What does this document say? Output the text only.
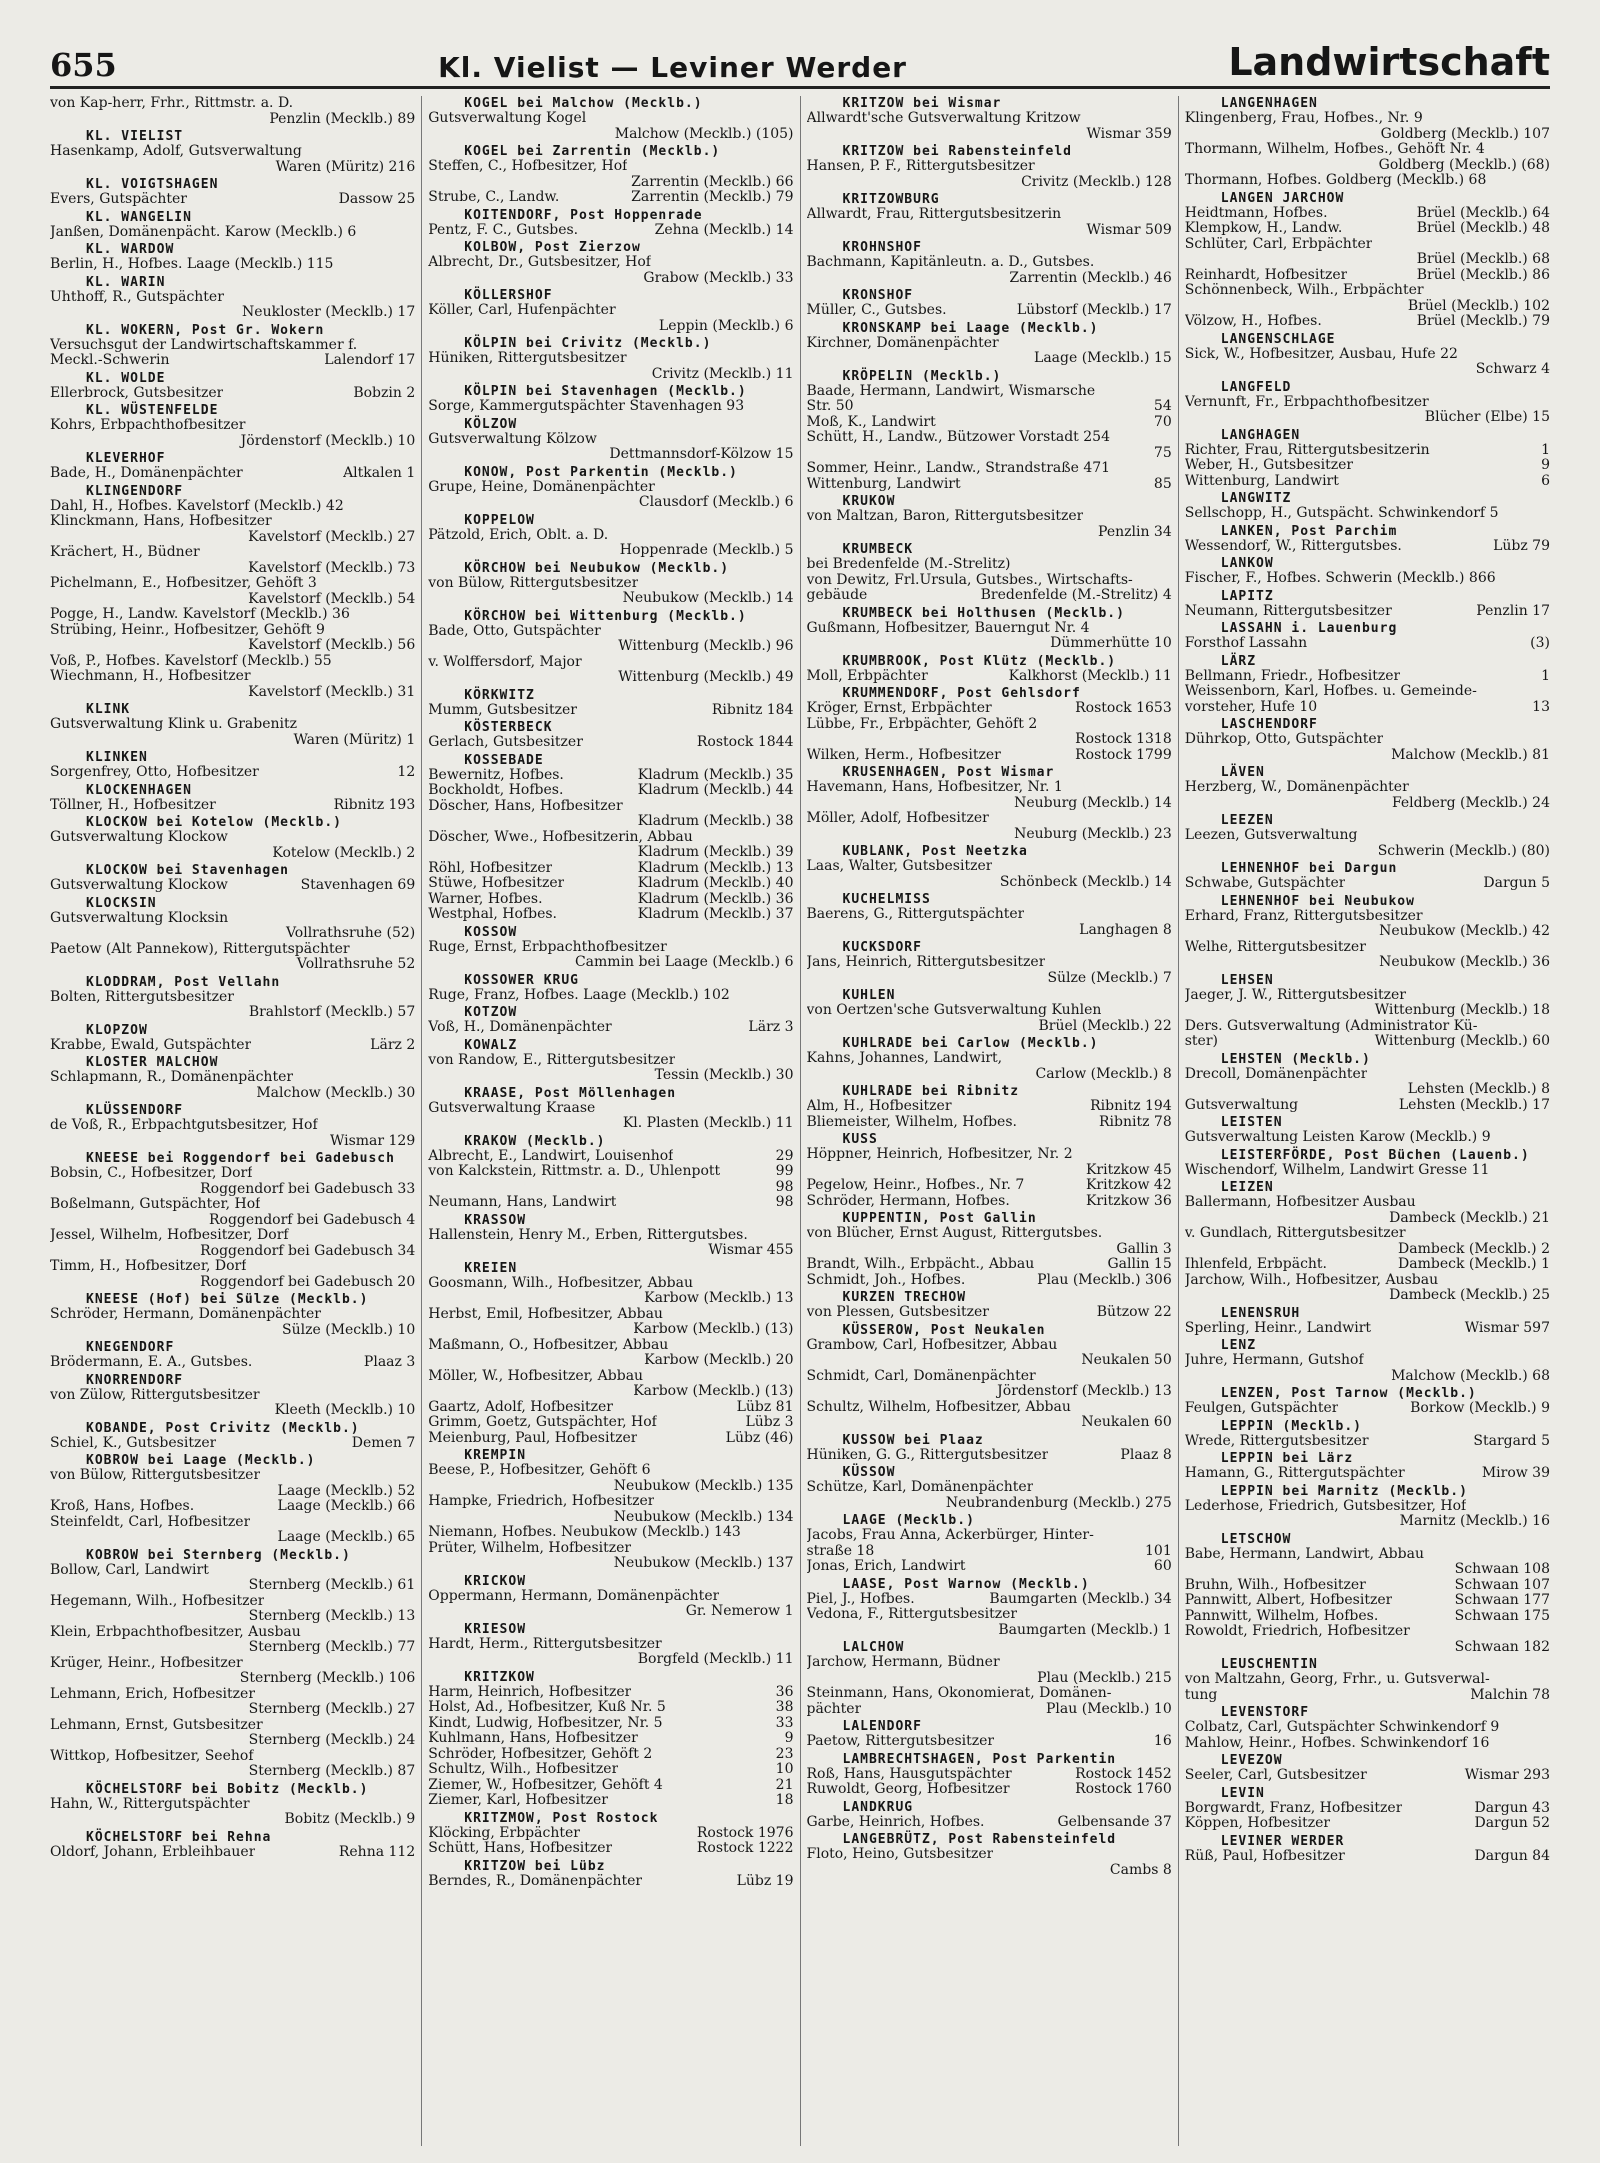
655	Kl. Vielist — Leviner Werder	Landwirtschaft
von Kap-herr, Frhr., Rittmstr. a. D.
Penzlin (Mecklb.) 89
KL. VIELIST
Hasenkamp, Adolf, Gutsverwaltung
Waren (Müritz) 216
KL. VOIGTSHAGEN
Evers, Gutspächter	Dassow 25
KL. WANGELIN
Janßen, Domänenpächt. Karow (Mecklb.) 6
KL. WARDOW
Berlin, H., Hofbes. Laage (Mecklb.) 115
KL. WARIN
Uhthoff, R., Gutspächter
Neukloster (Mecklb.) 17
KL. WOKERN, Post Gr. Wokern
Versuchsgut der Landwirtschaftskammer f.
Meckl.-Schwerin	Lalendorf 17
KL. WOLDE
Ellerbrock, Gutsbesitzer	Bobzin 2
KL. WÜSTENFELDE
Kohrs, Erbpachthofbesitzer
Jördenstorf (Mecklb.) 10
KLEVERHOF
Bade, H., Domänenpächter	Altkalen 1
KLINGENDORF
Dahl, H., Hofbes. Kavelstorf (Mecklb.) 42
Klinckmann, Hans, Hofbesitzer
Kavelstorf (Mecklb.) 27
Krächert, H., Büdner
Kavelstorf (Mecklb.) 73
Pichelmann, E., Hofbesitzer, Gehöft 3
Kavelstorf (Mecklb.) 54
Pogge, H., Landw. Kavelstorf (Mecklb.) 36
Strübing, Heinr., Hofbesitzer, Gehöft 9
Kavelstorf (Mecklb.) 56
Voß, P., Hofbes. Kavelstorf (Mecklb.) 55
Wiechmann, H., Hofbesitzer
Kavelstorf (Mecklb.) 31
KLINK
Gutsverwaltung Klink u. Grabenitz
Waren (Müritz) 1
KLINKEN
Sorgenfrey, Otto, Hofbesitzer	12
KLOCKENHAGEN
Töllner, H., Hofbesitzer	Ribnitz 193
KLOCKOW bei Kotelow (Mecklb.)
Gutsverwaltung Klockow
Kotelow (Mecklb.) 2
KLOCKOW bei Stavenhagen
Gutsverwaltung Klockow	Stavenhagen 69
KLOCKSIN
Gutsverwaltung Klocksin
Vollrathsruhe (52)
Paetow (Alt Pannekow), Rittergutspächter
Vollrathsruhe 52
KLODDRAM, Post Vellahn
Bolten, Rittergutsbesitzer
Brahlstorf (Mecklb.) 57
KLOPZOW
Krabbe, Ewald, Gutspächter	Lärz 2
KLOSTER MALCHOW
Schlapmann, R., Domänenpächter
Malchow (Mecklb.) 30
KLÜSSENDORF
de Voß, R., Erbpachtgutsbesitzer, Hof
Wismar 129
KNEESE bei Roggendorf bei Gadebusch
Bobsin, C., Hofbesitzer, Dorf
Roggendorf bei Gadebusch 33
Boßelmann, Gutspächter, Hof
Roggendorf bei Gadebusch 4
Jessel, Wilhelm, Hofbesitzer, Dorf
Roggendorf bei Gadebusch 34
Timm, H., Hofbesitzer, Dorf
Roggendorf bei Gadebusch 20
KNEESE (Hof) bei Sülze (Mecklb.)
Schröder, Hermann, Domänenpächter
Sülze (Mecklb.) 10
KNEGENDORF
Brödermann, E. A., Gutsbes.	Plaaz 3
KNORRENDORF
von Zülow, Rittergutsbesitzer
Kleeth (Mecklb.) 10
KOBANDE, Post Crivitz (Mecklb.)
Schiel, K., Gutsbesitzer	Demen 7
KOBROW bei Laage (Mecklb.)
von Bülow, Rittergutsbesitzer
Laage (Mecklb.) 52
Kroß, Hans, Hofbes.	Laage (Mecklb.) 66
Steinfeldt, Carl, Hofbesitzer
Laage (Mecklb.) 65
KOBROW bei Sternberg (Mecklb.)
Bollow, Carl, Landwirt
Sternberg (Mecklb.) 61
Hegemann, Wilh., Hofbesitzer
Sternberg (Mecklb.) 13
Klein, Erbpachthofbesitzer, Ausbau
Sternberg (Mecklb.) 77
Krüger, Heinr., Hofbesitzer
Sternberg (Mecklb.) 106
Lehmann, Erich, Hofbesitzer
Sternberg (Mecklb.) 27
Lehmann, Ernst, Gutsbesitzer
Sternberg (Mecklb.) 24
Wittkop, Hofbesitzer, Seehof
Sternberg (Mecklb.) 87
KÖCHELSTORF bei Bobitz (Mecklb.)
Hahn, W., Rittergutspächter
Bobitz (Mecklb.) 9
KÖCHELSTORF bei Rehna
Oldorf, Johann, Erbleihbauer	Rehna 112
KOGEL bei Malchow (Mecklb.)
Gutsverwaltung Kogel
Malchow (Mecklb.) (105)
KOGEL bei Zarrentin (Mecklb.)
Steffen, C., Hofbesitzer, Hof
Zarrentin (Mecklb.) 66
Strube, C., Landw.	Zarrentin (Mecklb.) 79
KOITENDORF, Post Hoppenrade
Pentz, F. C., Gutsbes.	Zehna (Mecklb.) 14
KOLBOW, Post Zierzow
Albrecht, Dr., Gutsbesitzer, Hof
Grabow (Mecklb.) 33
KÖLLERSHOF
Köller, Carl, Hufenpächter
Leppin (Mecklb.) 6
KÖLPIN bei Crivitz (Mecklb.)
Hüniken, Rittergutsbesitzer
Crivitz (Mecklb.) 11
KÖLPIN bei Stavenhagen (Mecklb.)
Sorge, Kammergutspächter Stavenhagen 93
KÖLZOW
Gutsverwaltung Kölzow
Dettmannsdorf-Kölzow 15
KONOW, Post Parkentin (Mecklb.)
Grupe, Heine, Domänenpächter
Clausdorf (Mecklb.) 6
KOPPELOW
Pätzold, Erich, Oblt. a. D.
Hoppenrade (Mecklb.) 5
KÖRCHOW bei Neubukow (Mecklb.)
von Bülow, Rittergutsbesitzer
Neubukow (Mecklb.) 14
KÖRCHOW bei Wittenburg (Mecklb.)
Bade, Otto, Gutspächter
Wittenburg (Mecklb.) 96
v. Wolffersdorf, Major
Wittenburg (Mecklb.) 49
KÖRKWITZ
Mumm, Gutsbesitzer	Ribnitz 184
KÖSTERBECK
Gerlach, Gutsbesitzer	Rostock 1844
KOSSEBADE
Bewernitz, Hofbes.	Kladrum (Mecklb.) 35
Bockholdt, Hofbes.	Kladrum (Mecklb.) 44
Döscher, Hans, Hofbesitzer
Kladrum (Mecklb.) 38
Döscher, Wwe., Hofbesitzerin, Abbau
Kladrum (Mecklb.) 39
Röhl, Hofbesitzer	Kladrum (Mecklb.) 13
Stüwe, Hofbesitzer	Kladrum (Mecklb.) 40
Warner, Hofbes.	Kladrum (Mecklb.) 36
Westphal, Hofbes.	Kladrum (Mecklb.) 37
KOSSOW
Ruge, Ernst, Erbpachthofbesitzer
Cammin bei Laage (Mecklb.) 6
KOSSOWER KRUG
Ruge, Franz, Hofbes. Laage (Mecklb.) 102
KOTZOW
Voß, H., Domänenpächter	Lärz 3
KOWALZ
von Randow, E., Rittergutsbesitzer
Tessin (Mecklb.) 30
KRAASE, Post Möllenhagen
Gutsverwaltung Kraase
Kl. Plasten (Mecklb.) 11
KRAKOW (Mecklb.)
Albrecht, E., Landwirt, Louisenhof	29
von Kalckstein, Rittmstr. a. D., Uhlenpott	99
98
Neumann, Hans, Landwirt	98
KRASSOW
Hallenstein, Henry M., Erben, Rittergutsbes.
Wismar 455
KREIEN
Goosmann, Wilh., Hofbesitzer, Abbau
Karbow (Mecklb.) 13
Herbst, Emil, Hofbesitzer, Abbau
Karbow (Mecklb.) (13)
Maßmann, O., Hofbesitzer, Abbau
Karbow (Mecklb.) 20
Möller, W., Hofbesitzer, Abbau
Karbow (Mecklb.) (13)
Gaartz, Adolf, Hofbesitzer	Lübz 81
Grimm, Goetz, Gutspächter, Hof	Lübz 3
Meienburg, Paul, Hofbesitzer	Lübz (46)
KREMPIN
Beese, P., Hofbesitzer, Gehöft 6
Neubukow (Mecklb.) 135
Hampke, Friedrich, Hofbesitzer
Neubukow (Mecklb.) 134
Niemann, Hofbes. Neubukow (Mecklb.) 143
Prüter, Wilhelm, Hofbesitzer
Neubukow (Mecklb.) 137
KRICKOW
Oppermann, Hermann, Domänenpächter
Gr. Nemerow 1
KRIESOW
Hardt, Herm., Rittergutsbesitzer
Borgfeld (Mecklb.) 11
KRITZKOW
Harm, Heinrich, Hofbesitzer	36
Holst, Ad., Hofbesitzer, Kuß Nr. 5	38
Kindt, Ludwig, Hofbesitzer, Nr. 5	33
Kuhlmann, Hans, Hofbesitzer	9
Schröder, Hofbesitzer, Gehöft 2	23
Schultz, Wilh., Hofbesitzer	10
Ziemer, W., Hofbesitzer, Gehöft 4	21
Ziemer, Karl, Hofbesitzer	18
KRITZMOW, Post Rostock
Klöcking, Erbpächter	Rostock 1976
Schütt, Hans, Hofbesitzer	Rostock 1222
KRITZOW bei Lübz
Berndes, R., Domänenpächter	Lübz 19
KRITZOW bei Wismar
Allwardt'sche Gutsverwaltung Kritzow
Wismar 359
KRITZOW bei Rabensteinfeld
Hansen, P. F., Rittergutsbesitzer
Crivitz (Mecklb.) 128
KRITZOWBURG
Allwardt, Frau, Rittergutsbesitzerin
Wismar 509
KROHNSHOF
Bachmann, Kapitänleutn. a. D., Gutsbes.
Zarrentin (Mecklb.) 46
KRONSHOF
Müller, C., Gutsbes.	Lübstorf (Mecklb.) 17
KRONSKAMP bei Laage (Mecklb.)
Kirchner, Domänenpächter
Laage (Mecklb.) 15
KRÖPELIN (Mecklb.)
Baade, Hermann, Landwirt, Wismarsche
Str. 50	54
Moß, K., Landwirt	70
Schütt, H., Landw., Bützower Vorstadt 254
75
Sommer, Heinr., Landw., Strandstraße 471
Wittenburg, Landwirt	85
KRUKOW
von Maltzan, Baron, Rittergutsbesitzer
Penzlin 34
KRUMBECK
bei Bredenfelde (M.-Strelitz)
von Dewitz, Frl.Ursula, Gutsbes., Wirtschafts-
gebäude	Bredenfelde (M.-Strelitz) 4
KRUMBECK bei Holthusen (Mecklb.)
Gußmann, Hofbesitzer, Bauerngut Nr. 4
Dümmerhütte 10
KRUMBROOK, Post Klütz (Mecklb.)
Moll, Erbpächter	Kalkhorst (Mecklb.) 11
KRUMMENDORF, Post Gehlsdorf
Kröger, Ernst, Erbpächter	Rostock 1653
Lübbe, Fr., Erbpächter, Gehöft 2
Rostock 1318
Wilken, Herm., Hofbesitzer	Rostock 1799
KRUSENHAGEN, Post Wismar
Havemann, Hans, Hofbesitzer, Nr. 1
Neuburg (Mecklb.) 14
Möller, Adolf, Hofbesitzer
Neuburg (Mecklb.) 23
KUBLANK, Post Neetzka
Laas, Walter, Gutsbesitzer
Schönbeck (Mecklb.) 14
KUCHELMISS
Baerens, G., Rittergutspächter
Langhagen 8
KUCKSDORF
Jans, Heinrich, Rittergutsbesitzer
Sülze (Mecklb.) 7
KUHLEN
von Oertzen'sche Gutsverwaltung Kuhlen
Brüel (Mecklb.) 22
KUHLRADE bei Carlow (Mecklb.)
Kahns, Johannes, Landwirt,
Carlow (Mecklb.) 8
KUHLRADE bei Ribnitz
Alm, H., Hofbesitzer	Ribnitz 194
Bliemeister, Wilhelm, Hofbes.	Ribnitz 78
KUSS
Höppner, Heinrich, Hofbesitzer, Nr. 2
Kritzkow 45
Pegelow, Heinr., Hofbes., Nr. 7	Kritzkow 42
Schröder, Hermann, Hofbes.	Kritzkow 36
KUPPENTIN, Post Gallin
von Blücher, Ernst August, Rittergutsbes.
Gallin 3
Brandt, Wilh., Erbpächt., Abbau	Gallin 15
Schmidt, Joh., Hofbes.	Plau (Mecklb.) 306
KURZEN TRECHOW
von Plessen, Gutsbesitzer	Bützow 22
KÜSSEROW, Post Neukalen
Grambow, Carl, Hofbesitzer, Abbau
Neukalen 50
Schmidt, Carl, Domänenpächter
Jördenstorf (Mecklb.) 13
Schultz, Wilhelm, Hofbesitzer, Abbau
Neukalen 60
KUSSOW bei Plaaz
Hüniken, G. G., Rittergutsbesitzer	Plaaz 8
KÜSSOW
Schütze, Karl, Domänenpächter
Neubrandenburg (Mecklb.) 275
LAAGE (Mecklb.)
Jacobs, Frau Anna, Ackerbürger, Hinter-
straße 18	101
Jonas, Erich, Landwirt	60
LAASE, Post Warnow (Mecklb.)
Piel, J., Hofbes.	Baumgarten (Mecklb.) 34
Vedona, F., Rittergutsbesitzer
Baumgarten (Mecklb.) 1
LALCHOW
Jarchow, Hermann, Büdner
Plau (Mecklb.) 215
Steinmann, Hans, Ökonomierat, Domänen-
pächter	Plau (Mecklb.) 10
LALENDORF
Paetow, Rittergutsbesitzer	16
LAMBRECHTSHAGEN, Post Parkentin
Roß, Hans, Hausgutspächter	Rostock 1452
Ruwoldt, Georg, Hofbesitzer	Rostock 1760
LANDKRUG
Garbe, Heinrich, Hofbes.	Gelbensande 37
LANGEBRÜTZ, Post Rabensteinfeld
Floto, Heino, Gutsbesitzer
Cambs 8
LANGENHAGEN
Klingenberg, Frau, Hofbes., Nr. 9
Goldberg (Mecklb.) 107
Thormann, Wilhelm, Hofbes., Gehöft Nr. 4
Goldberg (Mecklb.) (68)
Thormann, Hofbes. Goldberg (Mecklb.) 68
LANGEN JARCHOW
Heidtmann, Hofbes.	Brüel (Mecklb.) 64
Klempkow, H., Landw.	Brüel (Mecklb.) 48
Schlüter, Carl, Erbpächter
Brüel (Mecklb.) 68
Reinhardt, Hofbesitzer	Brüel (Mecklb.) 86
Schönnenbeck, Wilh., Erbpächter
Brüel (Mecklb.) 102
Völzow, H., Hofbes.	Brüel (Mecklb.) 79
LANGENSCHLAGE
Sick, W., Hofbesitzer, Ausbau, Hufe 22
Schwarz 4
LANGFELD
Vernunft, Fr., Erbpachthofbesitzer
Blücher (Elbe) 15
LANGHAGEN
Richter, Frau, Rittergutsbesitzerin	1
Weber, H., Gutsbesitzer	9
Wittenburg, Landwirt	6
LANGWITZ
Sellschopp, H., Gutspächt. Schwinkendorf 5
LANKEN, Post Parchim
Wessendorf, W., Rittergutsbes.	Lübz 79
LANKOW
Fischer, F., Hofbes. Schwerin (Mecklb.) 866
LAPITZ
Neumann, Rittergutsbesitzer	Penzlin 17
LASSAHN i. Lauenburg
Forsthof Lassahn	(3)
LÄRZ
Bellmann, Friedr., Hofbesitzer	1
Weissenborn, Karl, Hofbes. u. Gemeinde-
vorsteher, Hufe 10	13
LASCHENDORF
Dührkop, Otto, Gutspächter
Malchow (Mecklb.) 81
LÄVEN
Herzberg, W., Domänenpächter
Feldberg (Mecklb.) 24
LEEZEN
Leezen, Gutsverwaltung
Schwerin (Mecklb.) (80)
LEHNENHOF bei Dargun
Schwabe, Gutspächter	Dargun 5
LEHNENHOF bei Neubukow
Erhard, Franz, Rittergutsbesitzer
Neubukow (Mecklb.) 42
Welhe, Rittergutsbesitzer
Neubukow (Mecklb.) 36
LEHSEN
Jaeger, J. W., Rittergutsbesitzer
Wittenburg (Mecklb.) 18
Ders. Gutsverwaltung (Administrator Kü-
ster)	Wittenburg (Mecklb.) 60
LEHSTEN (Mecklb.)
Drecoll, Domänenpächter
Lehsten (Mecklb.) 8
Gutsverwaltung	Lehsten (Mecklb.) 17
LEISTEN
Gutsverwaltung Leisten Karow (Mecklb.) 9
LEISTERFÖRDE, Post Büchen (Lauenb.)
Wischendorf, Wilhelm, Landwirt Gresse 11
LEIZEN
Ballermann, Hofbesitzer Ausbau
Dambeck (Mecklb.) 21
v. Gundlach, Rittergutsbesitzer
Dambeck (Mecklb.) 2
Ihlenfeld, Erbpächt.	Dambeck (Mecklb.) 1
Jarchow, Wilh., Hofbesitzer, Ausbau
Dambeck (Mecklb.) 25
LENENSRUH
Sperling, Heinr., Landwirt	Wismar 597
LENZ
Juhre, Hermann, Gutshof
Malchow (Mecklb.) 68
LENZEN, Post Tarnow (Mecklb.)
Feulgen, Gutspächter	Borkow (Mecklb.) 9
LEPPIN (Mecklb.)
Wrede, Rittergutsbesitzer	Stargard 5
LEPPIN bei Lärz
Hamann, G., Rittergutspächter	Mirow 39
LEPPIN bei Marnitz (Mecklb.)
Lederhose, Friedrich, Gutsbesitzer, Hof
Marnitz (Mecklb.) 16
LETSCHOW
Babe, Hermann, Landwirt, Abbau
Schwaan 108
Bruhn, Wilh., Hofbesitzer	Schwaan 107
Pannwitt, Albert, Hofbesitzer	Schwaan 177
Pannwitt, Wilhelm, Hofbes.	Schwaan 175
Rowoldt, Friedrich, Hofbesitzer
Schwaan 182
LEUSCHENTIN
von Maltzahn, Georg, Frhr., u. Gutsverwal-
tung	Malchin 78
LEVENSTORF
Colbatz, Carl, Gutspächter Schwinkendorf 9
Mahlow, Heinr., Hofbes. Schwinkendorf 16
LEVEZOW
Seeler, Carl, Gutsbesitzer	Wismar 293
LEVIN
Borgwardt, Franz, Hofbesitzer	Dargun 43
Köppen, Hofbesitzer	Dargun 52
LEVINER WERDER
Rüß, Paul, Hofbesitzer	Dargun 84
